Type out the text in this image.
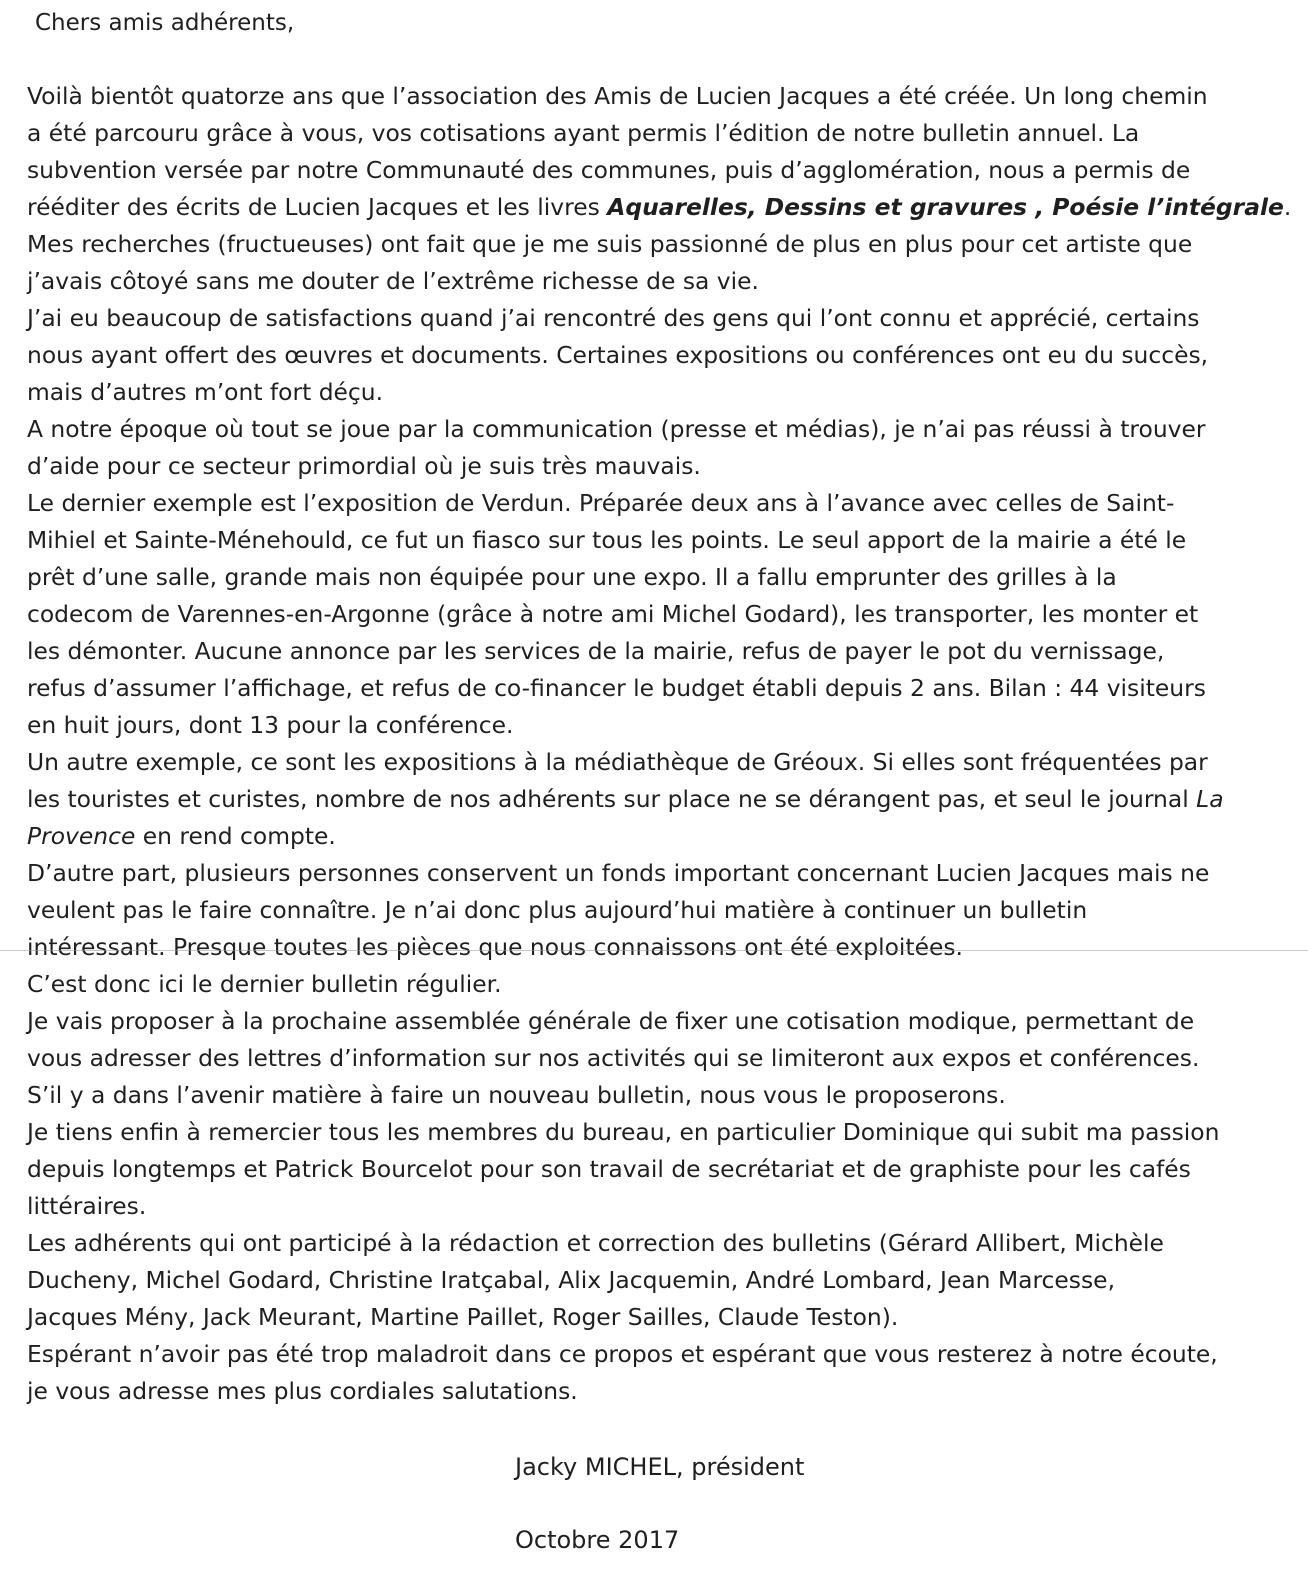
Chers amis adhérents,
Voilà bientôt quatorze ans que l’association des Amis de Lucien Jacques a été créée. Un long chemin
a été parcouru grâce à vous, vos cotisations ayant permis l’édition de notre bulletin annuel. La
subvention versée par notre Communauté des communes, puis d’agglomération, nous a permis de
rééditer des écrits de Lucien Jacques et les livres Aquarelles, Dessins et gravures , Poésie l’intégrale.
Mes recherches (fructueuses) ont fait que je me suis passionné de plus en plus pour cet artiste que
j’avais côtoyé sans me douter de l’extrême richesse de sa vie.
J’ai eu beaucoup de satisfactions quand j’ai rencontré des gens qui l’ont connu et apprécié, certains
nous ayant offert des œuvres et documents. Certaines expositions ou conférences ont eu du succès,
mais d’autres m’ont fort déçu.
A notre époque où tout se joue par la communication (presse et médias), je n’ai pas réussi à trouver
d’aide pour ce secteur primordial où je suis très mauvais.
Le dernier exemple est l’exposition de Verdun. Préparée deux ans à l’avance avec celles de Saint-
Mihiel et Sainte-Ménehould, ce fut un fiasco sur tous les points. Le seul apport de la mairie a été le
prêt d’une salle, grande mais non équipée pour une expo. Il a fallu emprunter des grilles à la
codecom de Varennes-en-Argonne (grâce à notre ami Michel Godard), les transporter, les monter et
les démonter. Aucune annonce par les services de la mairie, refus de payer le pot du vernissage,
refus d’assumer l’affichage, et refus de co-financer le budget établi depuis 2 ans. Bilan : 44 visiteurs
en huit jours, dont 13 pour la conférence.
Un autre exemple, ce sont les expositions à la médiathèque de Gréoux. Si elles sont fréquentées par
les touristes et curistes, nombre de nos adhérents sur place ne se dérangent pas, et seul le journal La
Provence en rend compte.
D’autre part, plusieurs personnes conservent un fonds important concernant Lucien Jacques mais ne
veulent pas le faire connaître. Je n’ai donc plus aujourd’hui matière à continuer un bulletin
intéressant. Presque toutes les pièces que nous connaissons ont été exploitées.
C’est donc ici le dernier bulletin régulier.
Je vais proposer à la prochaine assemblée générale de fixer une cotisation modique, permettant de
vous adresser des lettres d’information sur nos activités qui se limiteront aux expos et conférences.
S’il y a dans l’avenir matière à faire un nouveau bulletin, nous vous le proposerons.
Je tiens enfin à remercier tous les membres du bureau, en particulier Dominique qui subit ma passion
depuis longtemps et Patrick Bourcelot pour son travail de secrétariat et de graphiste pour les cafés
littéraires.
Les adhérents qui ont participé à la rédaction et correction des bulletins (Gérard Allibert, Michèle
Ducheny, Michel Godard, Christine Iratçabal, Alix Jacquemin, André Lombard, Jean Marcesse,
Jacques Mény, Jack Meurant, Martine Paillet, Roger Sailles, Claude Teston).
Espérant n’avoir pas été trop maladroit dans ce propos et espérant que vous resterez à notre écoute,
je vous adresse mes plus cordiales salutations.
Jacky MICHEL, président
Octobre 2017
